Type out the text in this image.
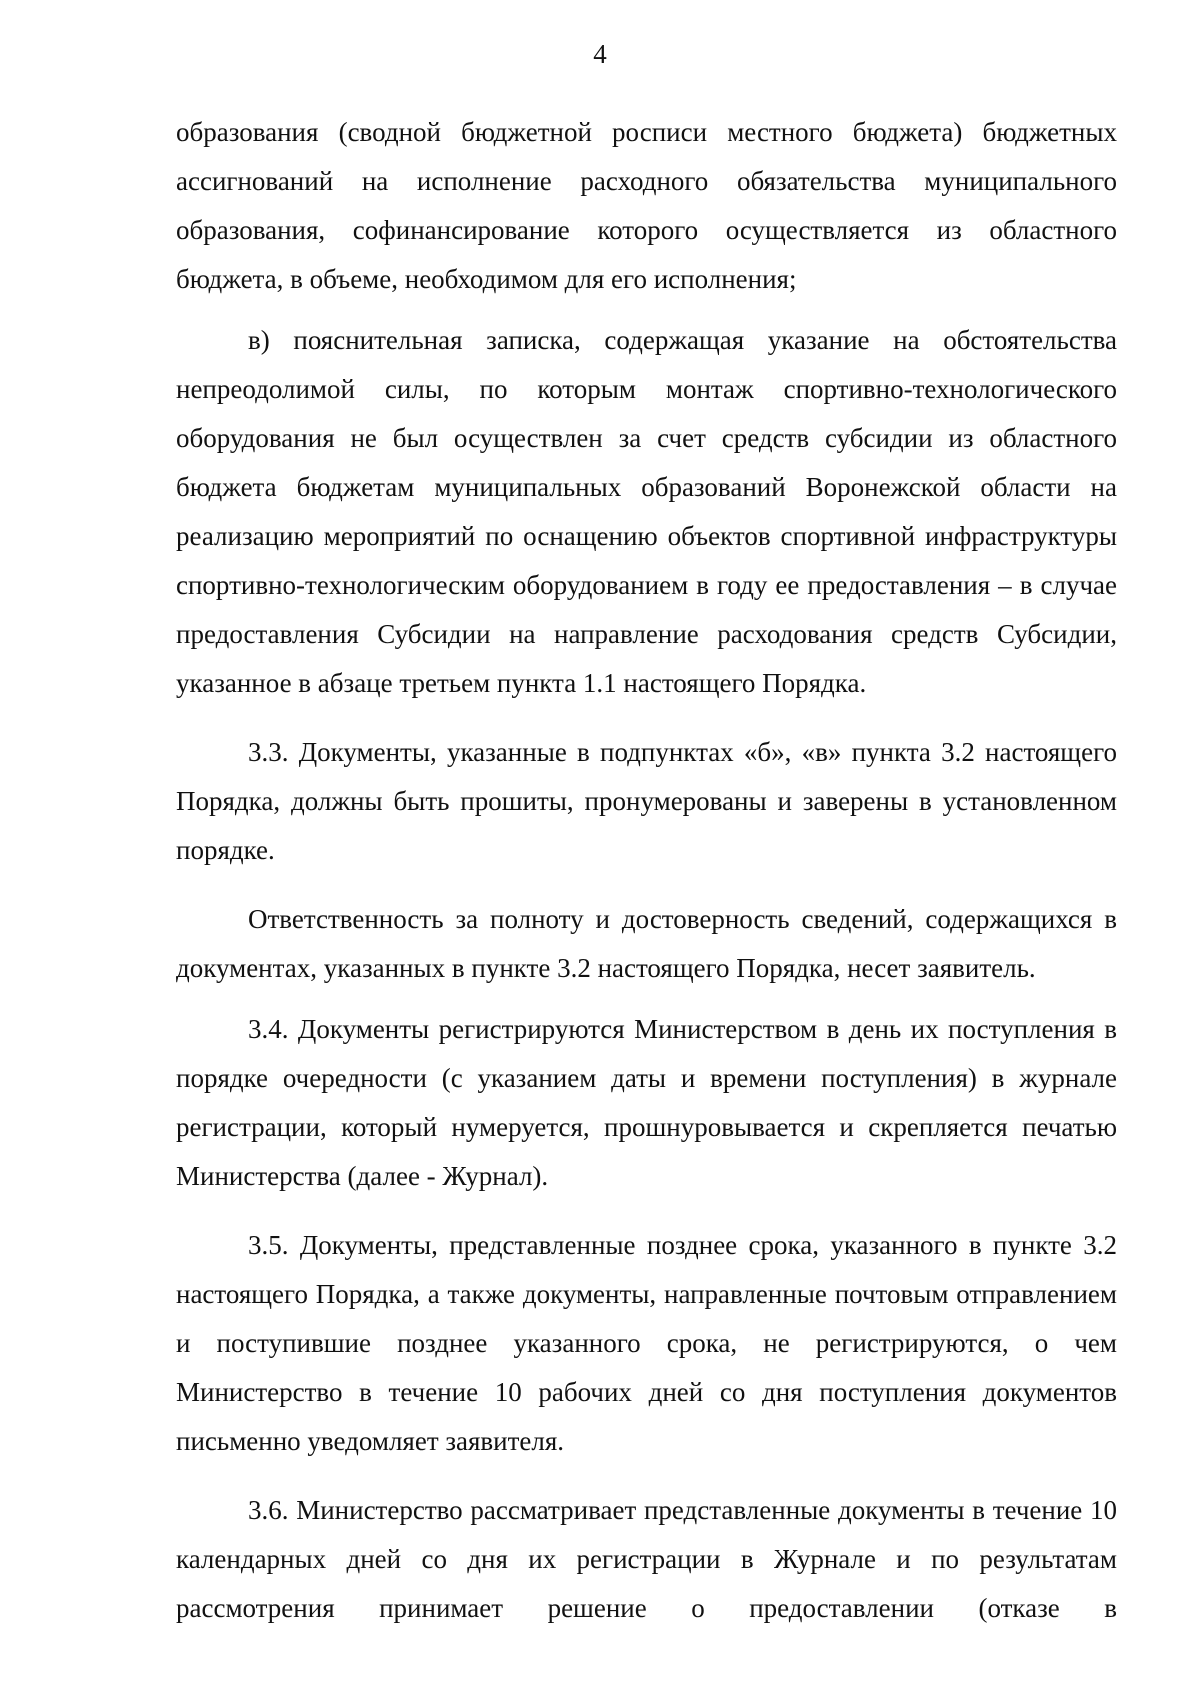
4

образования (сводной бюджетной росписи местного бюджета) бюджетных ассигнований на исполнение расходного обязательства муниципального образования, софинансирование которого осуществляется из областного бюджета, в объеме, необходимом для его исполнения;

в) пояснительная записка, содержащая указание на обстоятельства непреодолимой силы, по которым монтаж спортивно-технологического оборудования не был осуществлен за счет средств субсидии из областного бюджета бюджетам муниципальных образований Воронежской области на реализацию мероприятий по оснащению объектов спортивной инфраструктуры спортивно-технологическим оборудованием в году ее предоставления – в случае предоставления Субсидии на направление расходования средств Субсидии, указанное в абзаце третьем пункта 1.1 настоящего Порядка.

3.3. Документы, указанные в подпунктах «б», «в» пункта 3.2 настоящего Порядка, должны быть прошиты, пронумерованы и заверены в установленном порядке.

Ответственность за полноту и достоверность сведений, содержащихся в документах, указанных в пункте 3.2 настоящего Порядка, несет заявитель.

3.4. Документы регистрируются Министерством в день их поступления в порядке очередности (с указанием даты и времени поступления) в журнале регистрации, который нумеруется, прошнуровывается и скрепляется печатью Министерства (далее - Журнал).

3.5. Документы, представленные позднее срока, указанного в пункте 3.2 настоящего Порядка, а также документы, направленные почтовым отправлением и поступившие позднее указанного срока, не регистрируются, о чем Министерство в течение 10 рабочих дней со дня поступления документов письменно уведомляет заявителя.

3.6. Министерство рассматривает представленные документы в течение 10 календарных дней со дня их регистрации в Журнале и по результатам рассмотрения принимает решение о предоставлении (отказе в
